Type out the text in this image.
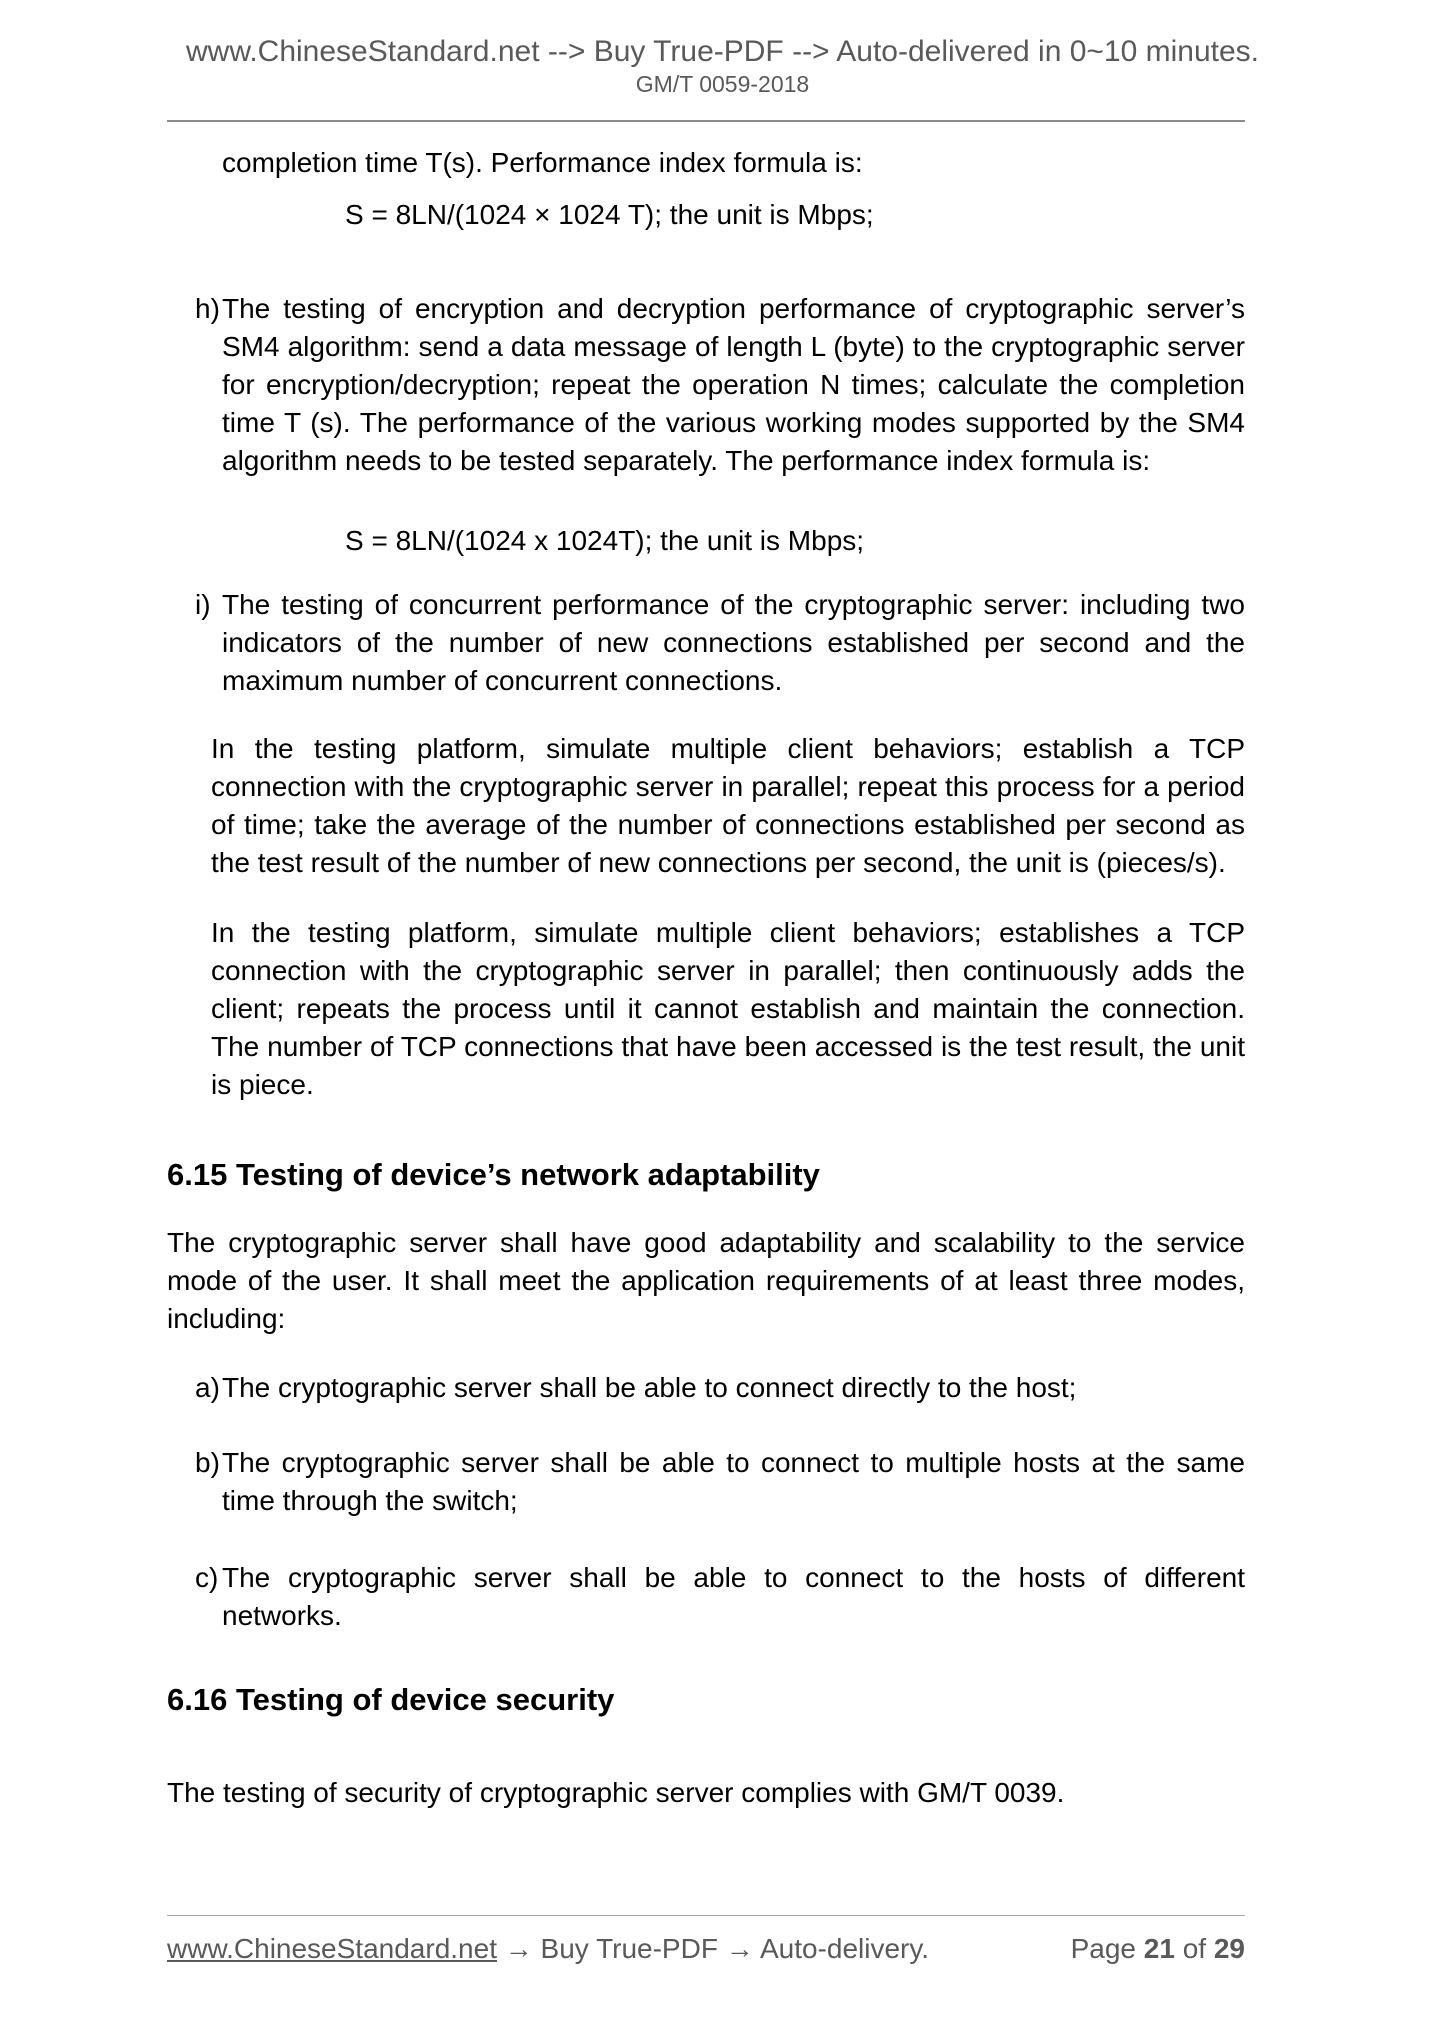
www.ChineseStandard.net --> Buy True-PDF --> Auto-delivered in 0~10 minutes.
GM/T 0059-2018
completion time T(s). Performance index formula is:
S = 8LN/(1024 × 1024 T); the unit is Mbps;
h) The testing of encryption and decryption performance of cryptographic server’s SM4 algorithm: send a data message of length L (byte) to the cryptographic server for encryption/decryption; repeat the operation N times; calculate the completion time T (s). The performance of the various working modes supported by the SM4 algorithm needs to be tested separately. The performance index formula is:
S = 8LN/(1024 x 1024T); the unit is Mbps;
i) The testing of concurrent performance of the cryptographic server: including two indicators of the number of new connections established per second and the maximum number of concurrent connections.
In the testing platform, simulate multiple client behaviors; establish a TCP connection with the cryptographic server in parallel; repeat this process for a period of time; take the average of the number of connections established per second as the test result of the number of new connections per second, the unit is (pieces/s).
In the testing platform, simulate multiple client behaviors; establishes a TCP connection with the cryptographic server in parallel; then continuously adds the client; repeats the process until it cannot establish and maintain the connection. The number of TCP connections that have been accessed is the test result, the unit is piece.
6.15 Testing of device’s network adaptability
The cryptographic server shall have good adaptability and scalability to the service mode of the user. It shall meet the application requirements of at least three modes, including:
a) The cryptographic server shall be able to connect directly to the host;
b) The cryptographic server shall be able to connect to multiple hosts at the same time through the switch;
c) The cryptographic server shall be able to connect to the hosts of different networks.
6.16 Testing of device security
The testing of security of cryptographic server complies with GM/T 0039.
www.ChineseStandard.net → Buy True-PDF → Auto-delivery.	Page 21 of 29
